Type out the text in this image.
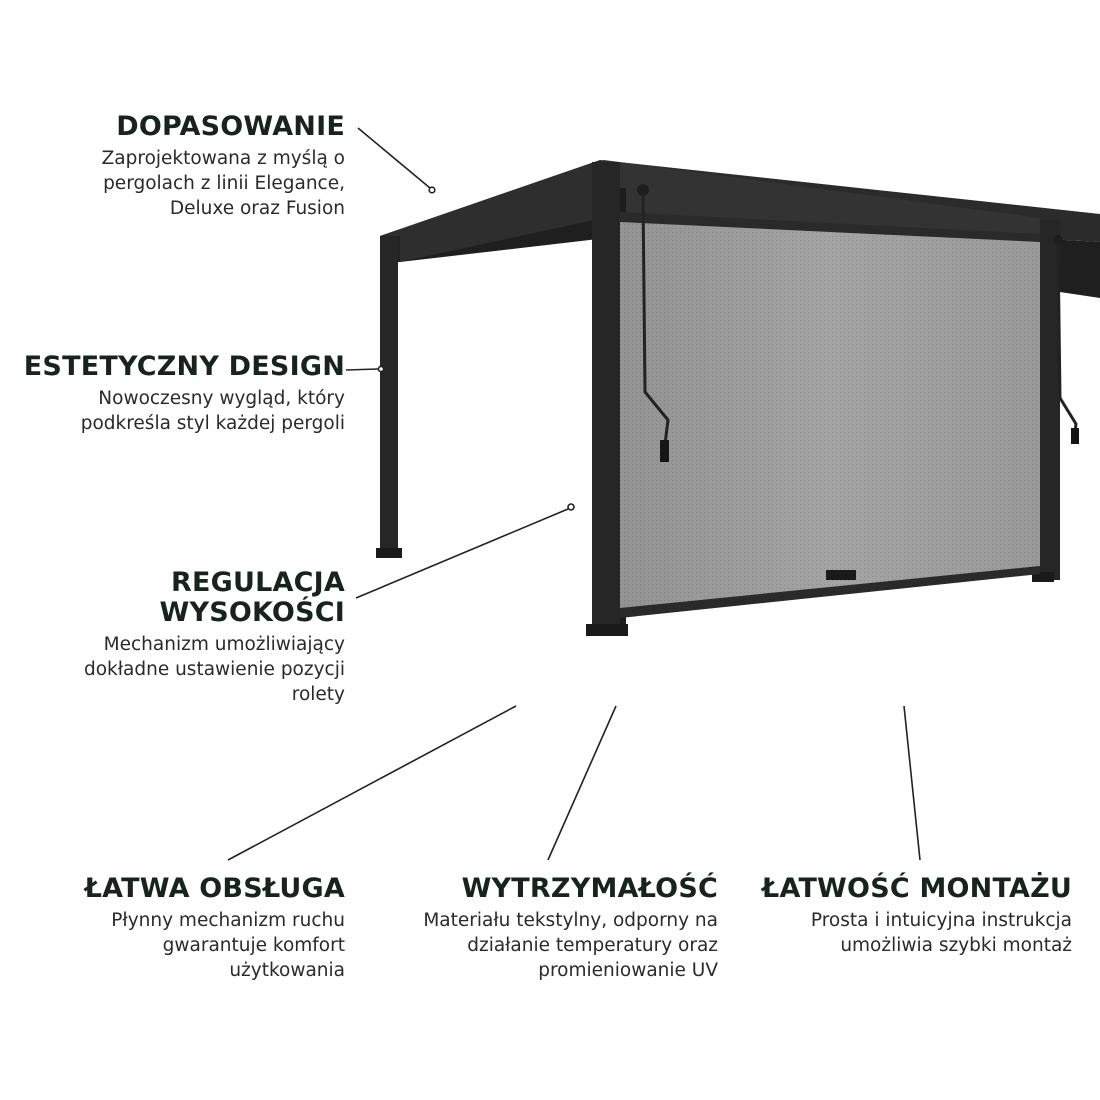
DOPASOWANIE

Zaprojektowana z myślą o
pergolach z linii Elegance,
Deluxe oraz Fusion

ESTETYCZNY DESIGN

Nowoczesny wygląd, który
podkreśla styl każdej pergoli

REGULACJA
WYSOKOŚCI

Mechanizm umożliwiający
dokładne ustawienie pozycji
rolety

ŁATWA OBSŁUGA

Płynny mechanizm ruchu
gwarantuje komfort
użytkowania

WYTRZYMAŁOŚĆ

Materiału tekstylny, odporny na
działanie temperatury oraz
promieniowanie UV

ŁATWOŚĆ MONTAŻU

Prosta i intuicyjna instrukcja
umożliwia szybki montaż
